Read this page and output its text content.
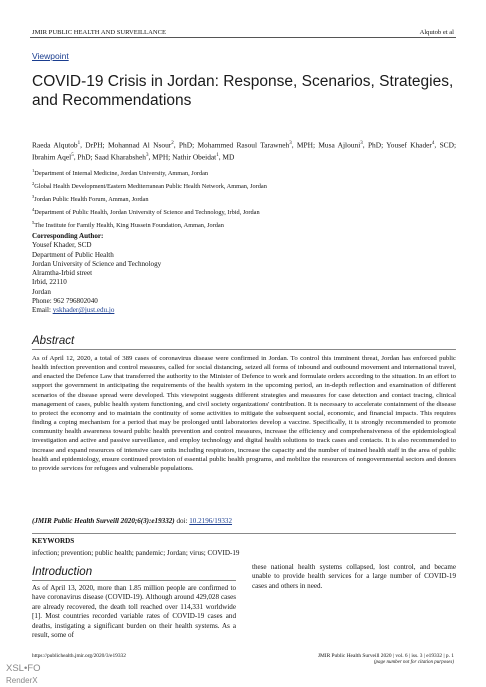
JMIR PUBLIC HEALTH AND SURVEILLANCE	Alqutob et al
Viewpoint
COVID-19 Crisis in Jordan: Response, Scenarios, Strategies, and Recommendations
Raeda Alqutob$^1$, DrPH; Mohannad Al Nsour$^2$, PhD; Mohammed Rasoul Tarawneh$^3$, MPH; Musa Ajlouni$^3$, PhD; Yousef Khader$^4$, SCD; Ibrahim Aqel$^5$, PhD; Saad Kharabsheh$^3$, MPH; Nathir Obeidat$^1$, MD
$^1$Department of Internal Medicine, Jordan University, Amman, Jordan
$^2$Global Health Development/Eastern Mediterranean Public Health Network, Amman, Jordan
$^3$Jordan Public Health Forum, Amman, Jordan
$^4$Department of Public Health, Jordan University of Science and Technology, Irbid, Jordan
$^5$The Institute for Family Health, King Hussein Foundation, Amman, Jordan
Corresponding Author:
Yousef Khader, SCD
Department of Public Health
Jordan University of Science and Technology
Alramtha-Irbid street
Irbid, 22110
Jordan
Phone: 962 796802040
Email: yskhader@just.edu.jo
Abstract
As of April 12, 2020, a total of 389 cases of coronavirus disease were confirmed in Jordan. To control this imminent threat, Jordan has enforced public health infection prevention and control measures, called for social distancing, seized all forms of inbound and outbound movement and international travel, and enacted the Defence Law that transferred the authority to the Minister of Defence to work and formulate orders according to the situation. In an effort to support the government in anticipating the requirements of the health system in the upcoming period, an in-depth reflection and examination of different scenarios of the disease spread were developed. This viewpoint suggests different strategies and measures for case detection and contact tracing, clinical management of cases, public health system functioning, and civil society organizations' contribution. It is necessary to accelerate containment of the disease to protect the economy and to maintain the continuity of some activities to mitigate the subsequent social, economic, and financial impacts. This requires finding a coping mechanism for a period that may be prolonged until laboratories develop a vaccine. Specifically, it is strongly recommended to promote community health awareness toward public health prevention and control measures, increase the efficiency and comprehensiveness of the epidemiological investigation and active and passive surveillance, and employ technology and digital health solutions to track cases and contacts. It is also recommended to increase and expand resources of intensive care units including respirators, increase the capacity and the number of trained health staff in the area of public health and epidemiology, ensure continued provision of essential public health programs, and mobilize the resources of nongovernmental sectors and donors to provide services for refugees and vulnerable populations.
(JMIR Public Health Surveill 2020;6(3):e19332) doi: 10.2196/19332
KEYWORDS
infection; prevention; public health; pandemic; Jordan; virus; COVID-19
Introduction
As of April 13, 2020, more than 1.85 million people are confirmed to have coronavirus disease (COVID-19). Although around 429,028 cases are already recovered, the death toll reached over 114,331 worldwide [1]. Most countries recorded variable rates of COVID-19 cases and deaths, instigating a significant burden on their health systems. As a result, some of
these national health systems collapsed, lost control, and became unable to provide health services for a large number of COVID-19 cases and others in need.
https://publichealth.jmir.org/2020/3/e19332	JMIR Public Health Surveill 2020 | vol. 6 | iss. 3 | e19332 | p. 1
(page number not for citation purposes)
XSL•FO
RenderX
